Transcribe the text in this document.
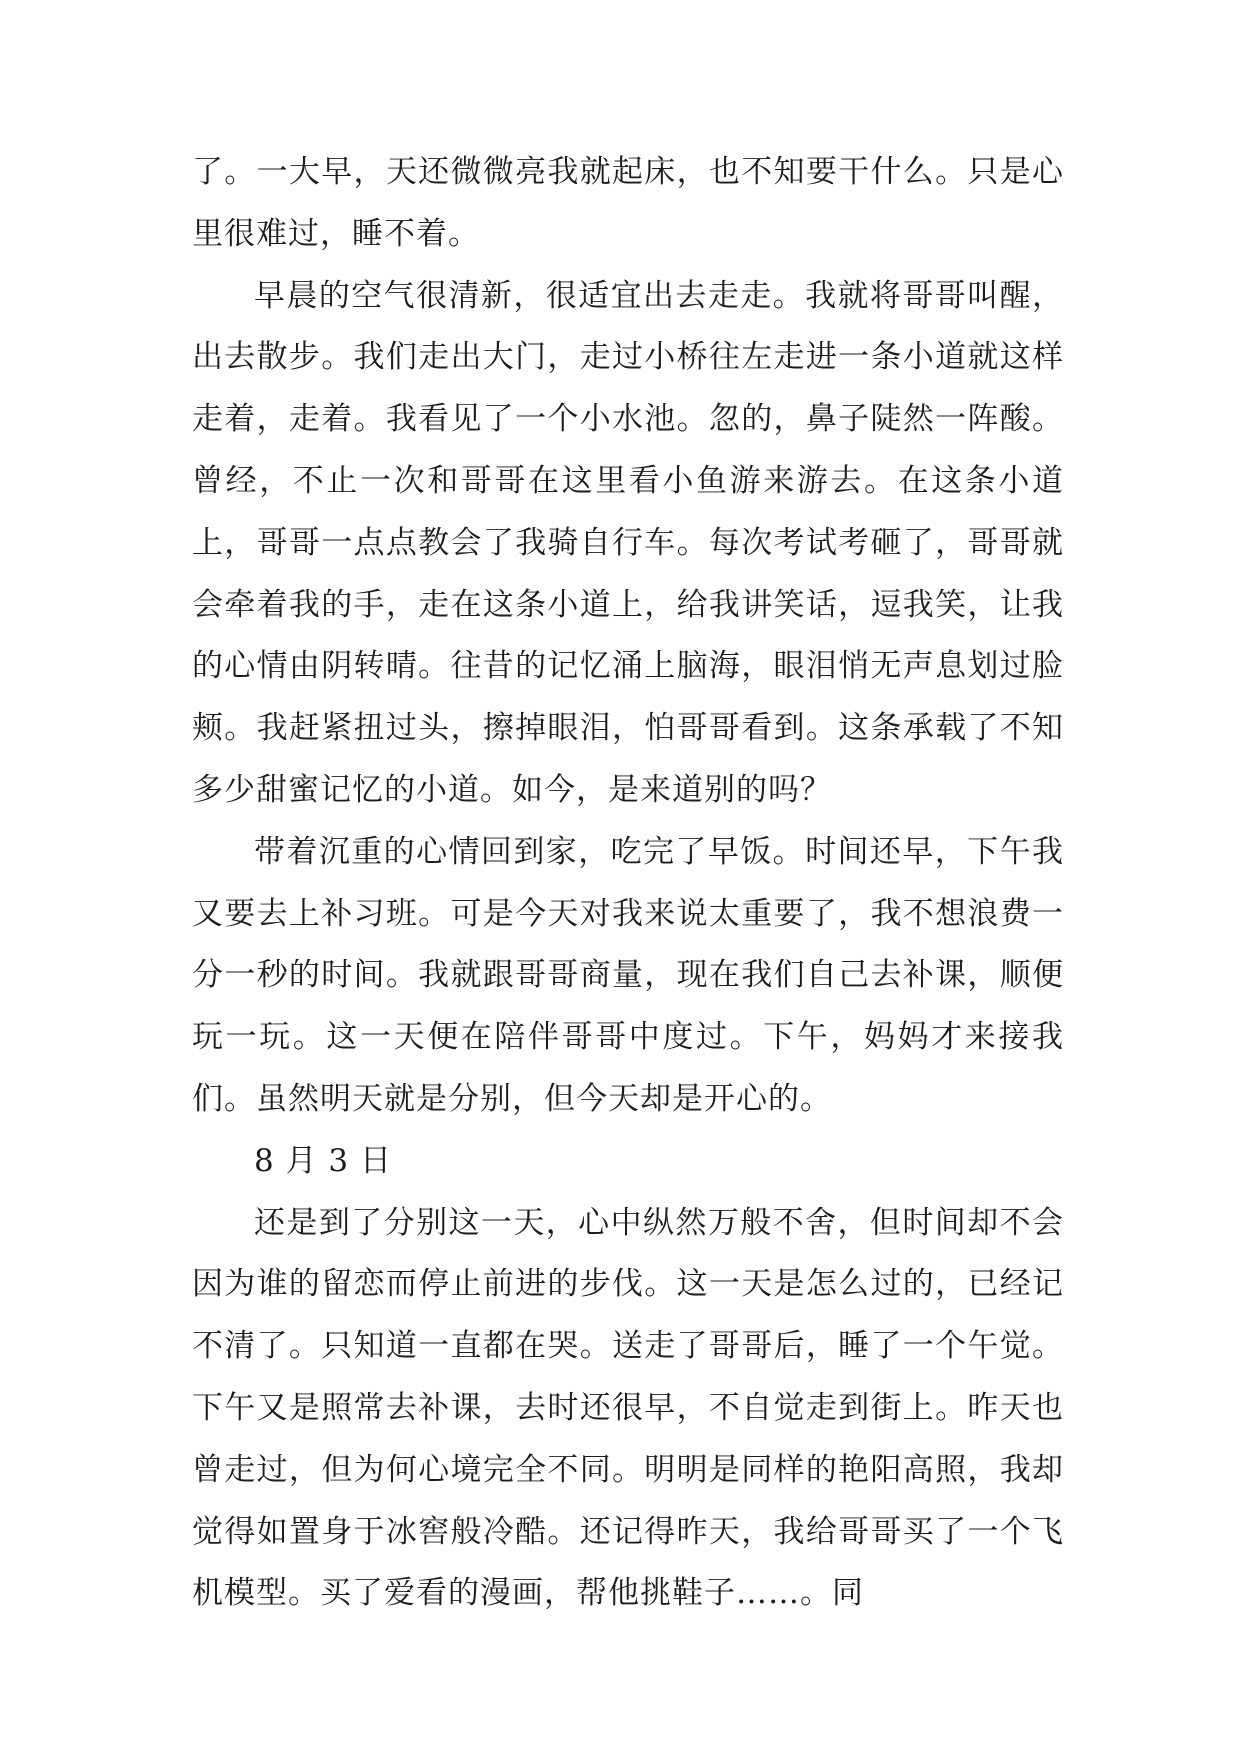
了。一大早，天还微微亮我就起床，也不知要干什么。只是心里很难过，睡不着。

早晨的空气很清新，很适宜出去走走。我就将哥哥叫醒，出去散步。我们走出大门，走过小桥往左走进一条小道就这样走着，走着。我看见了一个小水池。忽的，鼻子陡然一阵酸。曾经，不止一次和哥哥在这里看小鱼游来游去。在这条小道上，哥哥一点点教会了我骑自行车。每次考试考砸了，哥哥就会牵着我的手，走在这条小道上，给我讲笑话，逗我笑，让我的心情由阴转晴。往昔的记忆涌上脑海，眼泪悄无声息划过脸颊。我赶紧扭过头，擦掉眼泪，怕哥哥看到。这条承载了不知多少甜蜜记忆的小道。如今，是来道别的吗？

带着沉重的心情回到家，吃完了早饭。时间还早，下午我又要去上补习班。可是今天对我来说太重要了，我不想浪费一分一秒的时间。我就跟哥哥商量，现在我们自己去补课，顺便玩一玩。这一天便在陪伴哥哥中度过。下午，妈妈才来接我们。虽然明天就是分别，但今天却是开心的。

8 月 3 日

还是到了分别这一天，心中纵然万般不舍，但时间却不会因为谁的留恋而停止前进的步伐。这一天是怎么过的，已经记不清了。只知道一直都在哭。送走了哥哥后，睡了一个午觉。下午又是照常去补课，去时还很早，不自觉走到街上。昨天也曾走过，但为何心境完全不同。明明是同样的艳阳高照，我却觉得如置身于冰窖般冷酷。还记得昨天，我给哥哥买了一个飞机模型。买了爱看的漫画，帮他挑鞋子……。同
